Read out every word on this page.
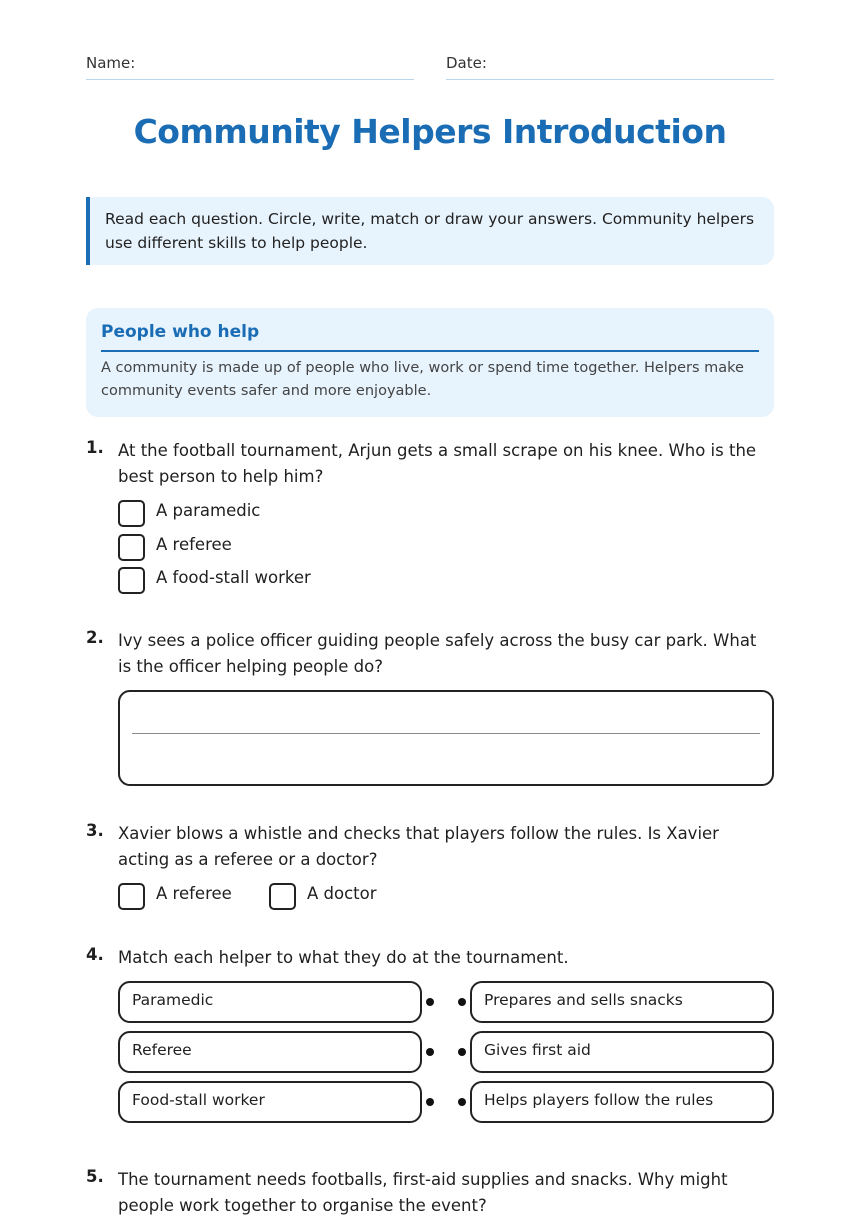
Name:	Date:
Community Helpers Introduction
Read each question. Circle, write, match or draw your answers. Community helpers use different skills to help people.
People who help
A community is made up of people who live, work or spend time together. Helpers make community events safer and more enjoyable.
1. At the football tournament, Arjun gets a small scrape on his knee. Who is the best person to help him?
A paramedic
A referee
A food-stall worker
2. Ivy sees a police officer guiding people safely across the busy car park. What is the officer helping people do?
3. Xavier blows a whistle and checks that players follow the rules. Is Xavier acting as a referee or a doctor?
A referee	A doctor
4. Match each helper to what they do at the tournament.
Paramedic	Prepares and sells snacks
Referee	Gives first aid
Food-stall worker	Helps players follow the rules
5. The tournament needs footballs, first-aid supplies and snacks. Why might people work together to organise the event?
